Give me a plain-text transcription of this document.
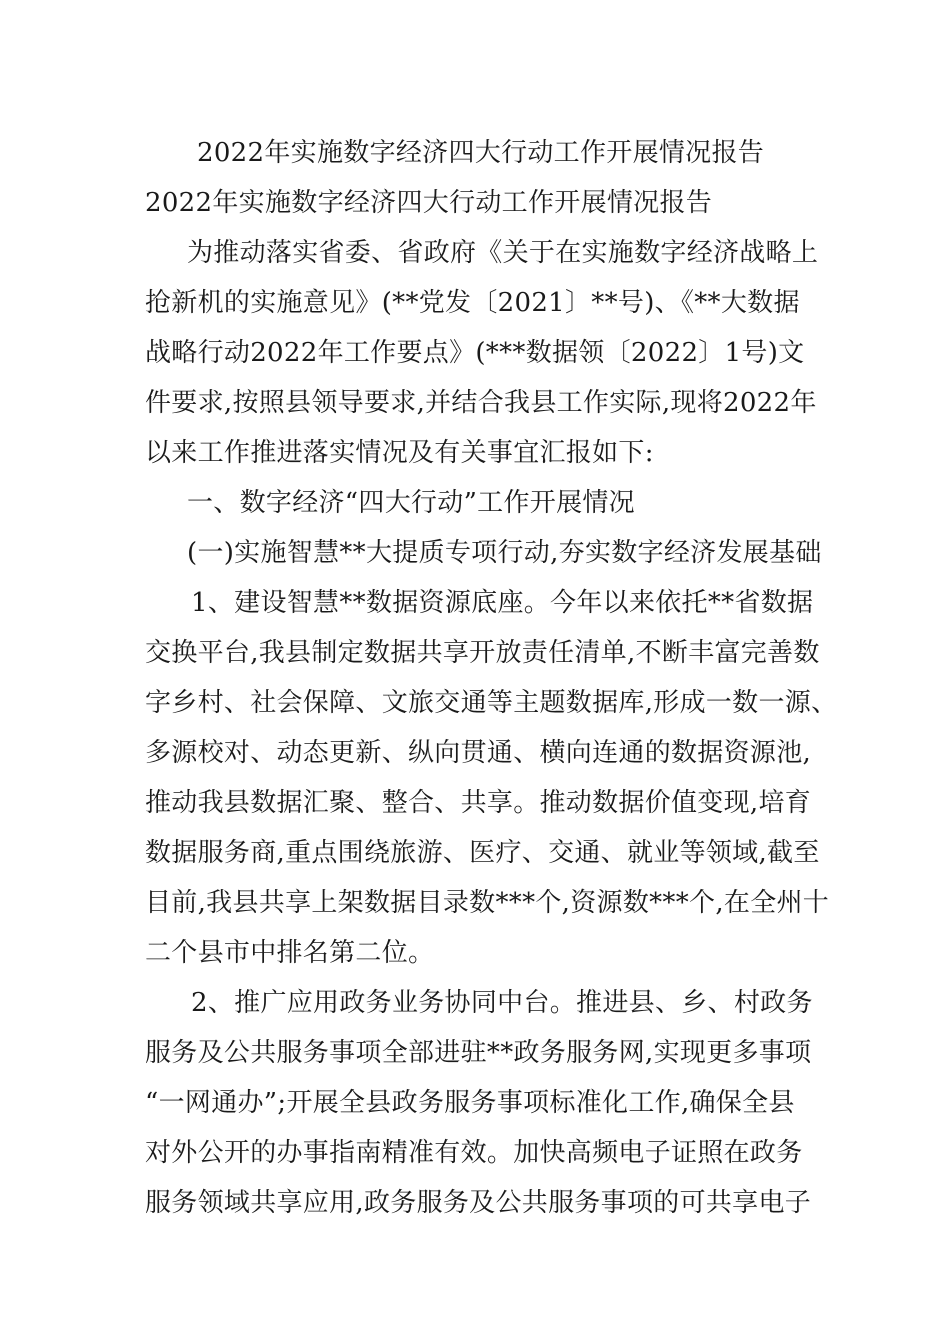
2022年实施数字经济四大行动工作开展情况报告
2022年实施数字经济四大行动工作开展情况报告
为推动落实省委、省政府《关于在实施数字经济战略上
抢新机的实施意见》(**党发〔2021〕**号)、《**大数据
战略行动2022年工作要点》(***数据领〔2022〕1号)文
件要求,按照县领导要求,并结合我县工作实际,现将2022年
以来工作推进落实情况及有关事宜汇报如下:
一、数字经济“四大行动”工作开展情况
(一)实施智慧**大提质专项行动,夯实数字经济发展基础
1、建设智慧**数据资源底座。今年以来依托**省数据
交换平台,我县制定数据共享开放责任清单,不断丰富完善数
字乡村、社会保障、文旅交通等主题数据库,形成一数一源、
多源校对、动态更新、纵向贯通、横向连通的数据资源池,
推动我县数据汇聚、整合、共享。推动数据价值变现,培育
数据服务商,重点围绕旅游、医疗、交通、就业等领域,截至
目前,我县共享上架数据目录数***个,资源数***个,在全州十
二个县市中排名第二位。
2、推广应用政务业务协同中台。推进县、乡、村政务
服务及公共服务事项全部进驻**政务服务网,实现更多事项
“一网通办”;开展全县政务服务事项标准化工作,确保全县
对外公开的办事指南精准有效。加快高频电子证照在政务
服务领域共享应用,政务服务及公共服务事项的可共享电子
